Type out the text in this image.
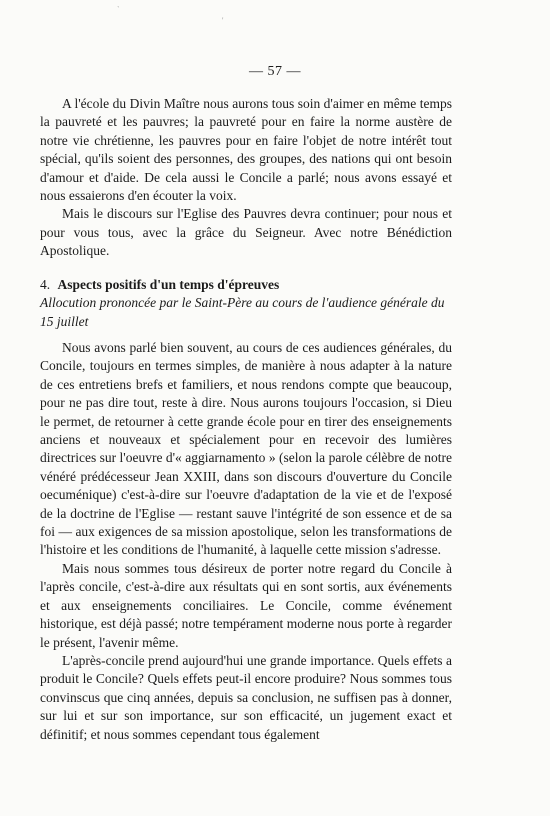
`
'
— 57 —

A l'école du Divin Maître nous aurons tous soin d'aimer en même temps la pauvreté et les pauvres; la pauvreté pour en faire la norme austère de notre vie chrétienne, les pauvres pour en faire l'objet de notre intérêt tout spécial, qu'ils soient des personnes, des groupes, des nations qui ont besoin d'amour et d'aide. De cela aussi le Concile a parlé; nous avons essayé et nous essaierons d'en écouter la voix.

Mais le discours sur l'Eglise des Pauvres devra continuer; pour nous et pour vous tous, avec la grâce du Seigneur. Avec notre Bénédiction Apostolique.

4. Aspects positifs d'un temps d'épreuves
Allocution prononcée par le Saint-Père au cours de l'audience générale du 15 juillet

Nous avons parlé bien souvent, au cours de ces audiences générales, du Concile, toujours en termes simples, de manière à nous adapter à la nature de ces entretiens brefs et familiers, et nous rendons compte que beaucoup, pour ne pas dire tout, reste à dire. Nous aurons toujours l'occasion, si Dieu le permet, de retourner à cette grande école pour en tirer des enseignements anciens et nouveaux et spécialement pour en recevoir des lumières directrices sur l'oeuvre d'« aggiarnamento » (selon la parole célèbre de notre vénéré prédécesseur Jean XXIII, dans son discours d'ouverture du Concile oecuménique) c'est-à-dire sur l'oeuvre d'adaptation de la vie et de l'exposé de la doctrine de l'Eglise — restant sauve l'intégrité de son essence et de sa foi — aux exigences de sa mission apostolique, selon les transformations de l'histoire et les conditions de l'humanité, à laquelle cette mission s'adresse.

Mais nous sommes tous désireux de porter notre regard du Concile à l'après concile, c'est-à-dire aux résultats qui en sont sortis, aux événements et aux enseignements conciliaires. Le Concile, comme événement historique, est déjà passé; notre tempérament moderne nous porte à regarder le présent, l'avenir même.

L'après-concile prend aujourd'hui une grande importance. Quels effets a produit le Concile? Quels effets peut-il encore produire? Nous sommes tous convinscus que cinq années, depuis sa conclusion, ne suffisen pas à donner, sur lui et sur son importance, sur son efficacité, un jugement exact et définitif; et nous sommes cependant tous également
